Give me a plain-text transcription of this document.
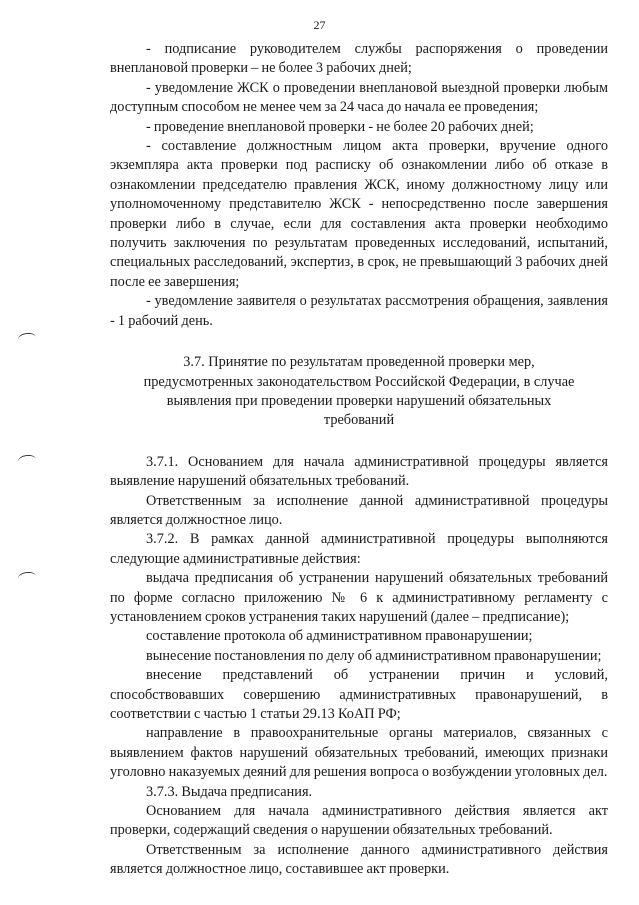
27

- подписание руководителем службы распоряжения о проведении внеплановой проверки – не более 3 рабочих дней;

- уведомление ЖСК о проведении внеплановой выездной проверки любым доступным способом не менее чем за 24 часа до начала ее проведения;

- проведение внеплановой проверки - не более 20 рабочих дней;

- составление должностным лицом акта проверки, вручение одного экземпляра акта проверки под расписку об ознакомлении либо об отказе в ознакомлении председателю правления ЖСК, иному должностному лицу или уполномоченному представителю ЖСК - непосредственно после завершения проверки либо в случае, если для составления акта проверки необходимо получить заключения по результатам проведенных исследований, испытаний, специальных расследований, экспертиз, в срок, не превышающий 3 рабочих дней после ее завершения;

- уведомление заявителя о результатах рассмотрения обращения, заявления - 1 рабочий день.

3.7. Принятие по результатам проведенной проверки мер, предусмотренных законодательством Российской Федерации, в случае выявления при проведении проверки нарушений обязательных требований

3.7.1. Основанием для начала административной процедуры является выявление нарушений обязательных требований.

Ответственным за исполнение данной административной процедуры является должностное лицо.

3.7.2. В рамках данной административной процедуры выполняются следующие административные действия:

выдача предписания об устранении нарушений обязательных требований по форме согласно приложению № 6 к административному регламенту с установлением сроков устранения таких нарушений (далее – предписание);

составление протокола об административном правонарушении;

вынесение постановления по делу об административном правонарушении;

внесение представлений об устранении причин и условий, способствовавших совершению административных правонарушений, в соответствии с частью 1 статьи 29.13 КоАП РФ;

направление в правоохранительные органы материалов, связанных с выявлением фактов нарушений обязательных требований, имеющих признаки уголовно наказуемых деяний для решения вопроса о возбуждении уголовных дел.

3.7.3. Выдача предписания.

Основанием для начала административного действия является акт проверки, содержащий сведения о нарушении обязательных требований.

Ответственным за исполнение данного административного действия является должностное лицо, составившее акт проверки.
